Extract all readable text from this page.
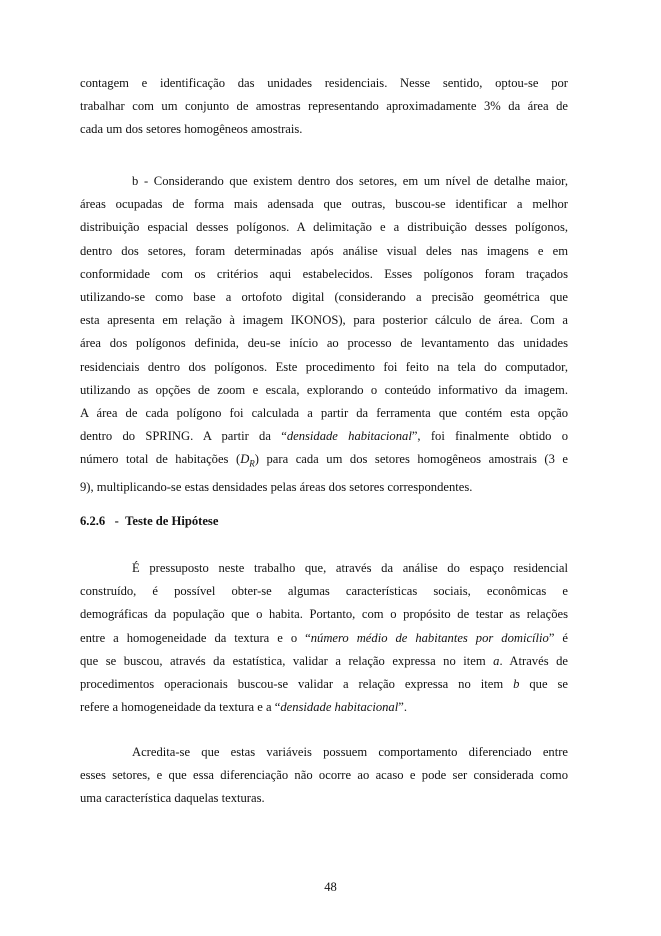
contagem e identificação das unidades residenciais. Nesse sentido, optou-se por
trabalhar com um conjunto de amostras representando aproximadamente 3% da área de
cada um dos setores homogêneos amostrais.

b - Considerando que existem dentro dos setores, em um nível de detalhe maior,
áreas ocupadas de forma mais adensada que outras, buscou-se identificar a melhor
distribuição espacial desses polígonos. A delimitação e a distribuição desses polígonos,
dentro dos setores, foram determinadas após análise visual deles nas imagens e em
conformidade com os critérios aqui estabelecidos. Esses polígonos foram traçados
utilizando-se como base a ortofoto digital (considerando a precisão geométrica que
esta apresenta em relação à imagem IKONOS), para posterior cálculo de área. Com a
área dos polígonos definida, deu-se início ao processo de levantamento das unidades
residenciais dentro dos polígonos. Este procedimento foi feito na tela do computador,
utilizando as opções de zoom e escala, explorando o conteúdo informativo da imagem.
A área de cada polígono foi calculada a partir da ferramenta que contém esta opção
dentro do SPRING. A partir da “densidade habitacional”, foi finalmente obtido o
número total de habitações $(D_R)$ para cada um dos setores homogêneos amostrais (3 e
9), multiplicando-se estas densidades pelas áreas dos setores correspondentes.

6.2.6 - Teste de Hipótese

É pressuposto neste trabalho que, através da análise do espaço residencial
construído, é possível obter-se algumas características sociais, econômicas e
demográficas da população que o habita. Portanto, com o propósito de testar as relações
entre a homogeneidade da textura e o “número médio de habitantes por domicílio” é
que se buscou, através da estatística, validar a relação expressa no item a. Através de
procedimentos operacionais buscou-se validar a relação expressa no item b que se
refere a homogeneidade da textura e a “densidade habitacional”.

Acredita-se que estas variáveis possuem comportamento diferenciado entre
esses setores, e que essa diferenciação não ocorre ao acaso e pode ser considerada como
uma característica daquelas texturas.

48
